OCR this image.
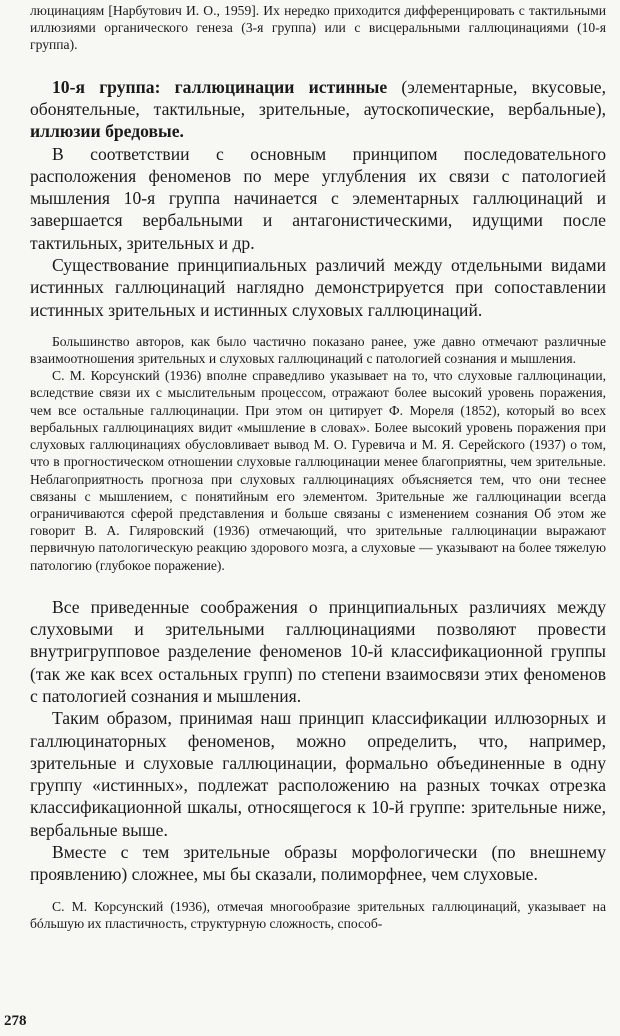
люцинациям [Нарбутович И. О., 1959]. Их нередко приходится дифференцировать с тактильными иллюзиями органического генеза (3-я группа) или с висцеральными галлюцинациями (10-я группа).

10-я группа: галлюцинации истинные (элементарные, вкусовые, обонятельные, тактильные, зрительные, аутоскопические, вербальные), иллюзии бредовые.

В соответствии с основным принципом последовательного расположения феноменов по мере углубления их связи с патологией мышления 10-я группа начинается с элементарных галлюцинаций и завершается вербальными и антагонистическими, идущими после тактильных, зрительных и др.

Существование принципиальных различий между отдельными видами истинных галлюцинаций наглядно демонстрируется при сопоставлении истинных зрительных и истинных слуховых галлюцинаций.

Большинство авторов, как было частично показано ранее, уже давно отмечают различные взаимоотношения зрительных и слуховых галлюцинаций с патологией сознания и мышления.

С. М. Корсунский (1936) вполне справедливо указывает на то, что слуховые галлюцинации, вследствие связи их с мыслительным процессом, отражают более высокий уровень поражения, чем все остальные галлюцинации. При этом он цитирует Ф. Мореля (1852), который во всех вербальных галлюцинациях видит «мышление в словах». Более высокий уровень поражения при слуховых галлюцинациях обусловливает вывод М. О. Гуревича и М. Я. Серейского (1937) о том, что в прогностическом отношении слуховые галлюцинации менее благоприятны, чем зрительные. Неблагоприятность прогноза при слуховых галлюцинациях объясняется тем, что они теснее связаны с мышлением, с понятийным его элементом. Зрительные же галлюцинации всегда ограничиваются сферой представления и больше связаны с изменением сознания Об этом же говорит В. А. Гиляровский (1936) отмечающий, что зрительные галлюцинации выражают первичную патологическую реакцию здорового мозга, а слуховые — указывают на более тяжелую патологию (глубокое поражение).

Все приведенные соображения о принципиальных различиях между слуховыми и зрительными галлюцинациями позволяют провести внутригрупповое разделение феноменов 10-й классификационной группы (так же как всех остальных групп) по степени взаимосвязи этих феноменов с патологией сознания и мышления.

Таким образом, принимая наш принцип классификации иллюзорных и галлюцинаторных феноменов, можно определить, что, например, зрительные и слуховые галлюцинации, формально объединенные в одну группу «истинных», подлежат расположению на разных точках отрезка классификационной шкалы, относящегося к 10-й группе: зрительные ниже, вербальные выше.

Вместе с тем зрительные образы морфологически (по внешнему проявлению) сложнее, мы бы сказали, полиморфнее, чем слуховые.

С. М. Корсунский (1936), отмечая многообразие зрительных галлюцинаций, указывает на бóльшую их пластичность, структурную сложность, способ-

278
